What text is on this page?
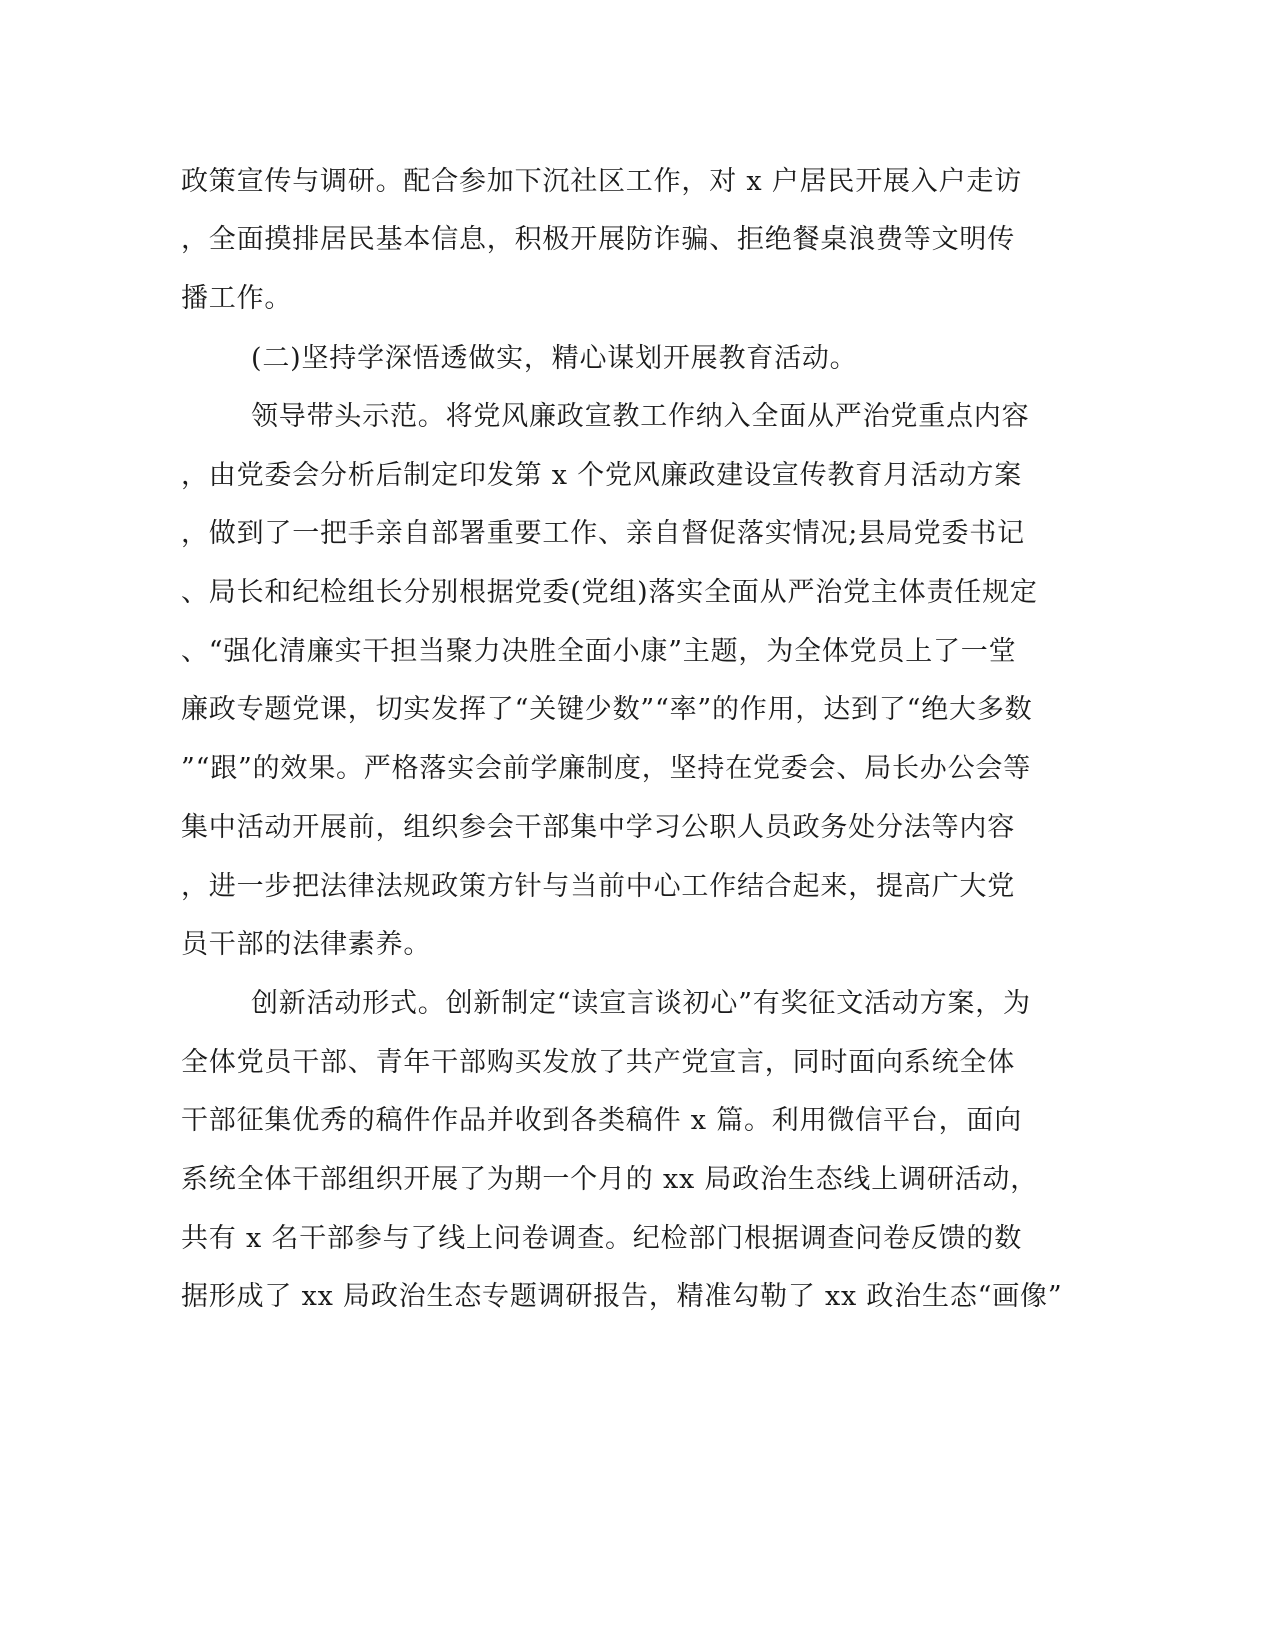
政策宣传与调研。配合参加下沉社区工作，对 x 户居民开展入户走访
，全面摸排居民基本信息，积极开展防诈骗、拒绝餐桌浪费等文明传
播工作。
(二)坚持学深悟透做实，精心谋划开展教育活动。
领导带头示范。将党风廉政宣教工作纳入全面从严治党重点内容
，由党委会分析后制定印发第 x 个党风廉政建设宣传教育月活动方案
，做到了一把手亲自部署重要工作、亲自督促落实情况;县局党委书记
、局长和纪检组长分别根据党委(党组)落实全面从严治党主体责任规定
、“强化清廉实干担当聚力决胜全面小康”主题，为全体党员上了一堂
廉政专题党课，切实发挥了“关键少数”“率”的作用，达到了“绝大多数
”“跟”的效果。严格落实会前学廉制度，坚持在党委会、局长办公会等
集中活动开展前，组织参会干部集中学习公职人员政务处分法等内容
，进一步把法律法规政策方针与当前中心工作结合起来，提高广大党
员干部的法律素养。
创新活动形式。创新制定“读宣言谈初心”有奖征文活动方案，为
全体党员干部、青年干部购买发放了共产党宣言，同时面向系统全体
干部征集优秀的稿件作品并收到各类稿件 x 篇。利用微信平台，面向
系统全体干部组织开展了为期一个月的 xx 局政治生态线上调研活动，
共有 x 名干部参与了线上问卷调查。纪检部门根据调查问卷反馈的数
据形成了 xx 局政治生态专题调研报告，精准勾勒了 xx 政治生态“画像”
